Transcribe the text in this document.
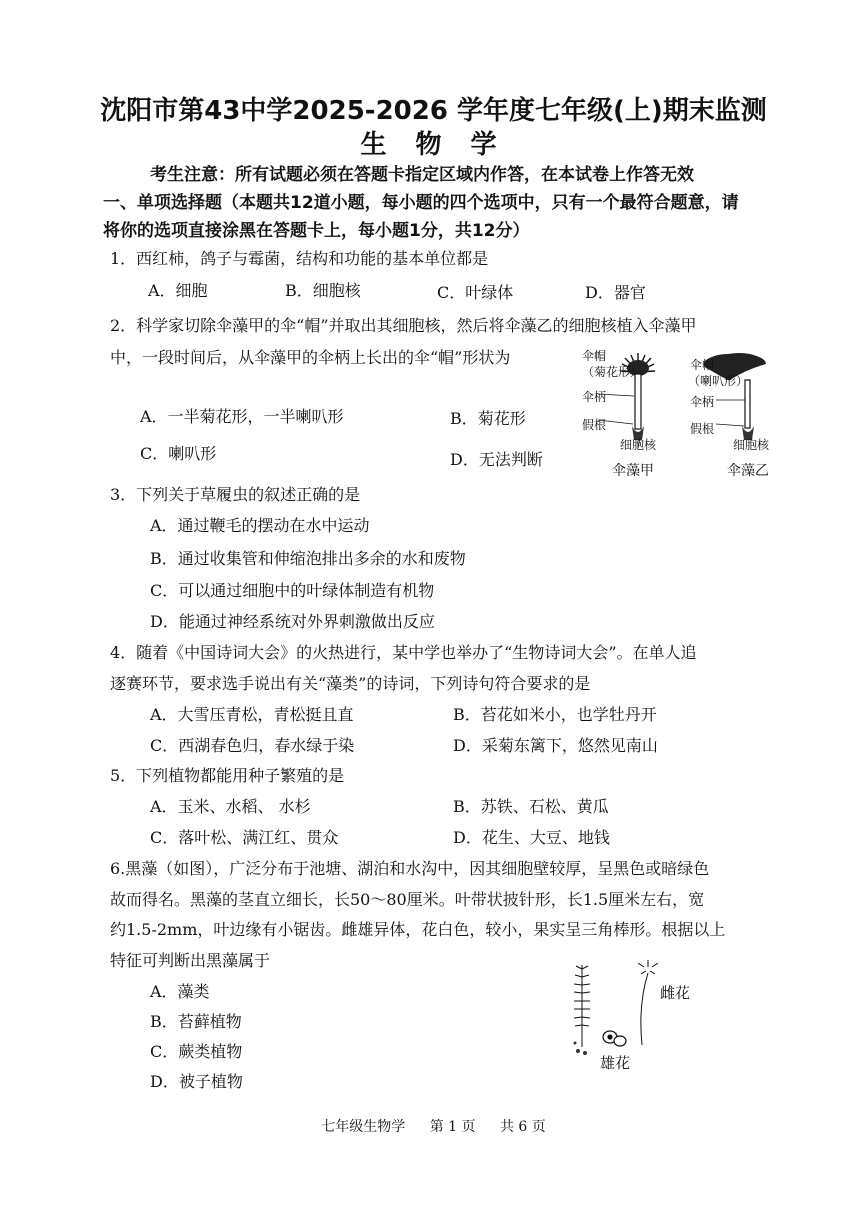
沈阳市第43中学2025-2026 学年度七年级(上)期末监测
生 物 学
考生注意：所有试题必须在答题卡指定区域内作答，在本试卷上作答无效
一、单项选择题（本题共12道小题，每小题的四个选项中，只有一个最符合题意，请
将你的选项直接涂黑在答题卡上，每小题1分，共12分）
1．西红柿，鸽子与霉菌，结构和功能的基本单位都是
A．细胞	B．细胞核	C．叶绿体	D．器官
2．科学家切除伞藻甲的伞“帽”并取出其细胞核，然后将伞藻乙的细胞核植入伞藻甲
中，一段时间后，从伞藻甲的伞柄上长出的伞“帽”形状为
A．一半菊花形，一半喇叭形	B．菊花形
C．喇叭形	D．无法判断
伞帽
（菊花形）
伞柄
假根
细胞核
伞藻甲
伞帽
（喇叭形）
伞柄
假根
细胞核
伞藻乙
3．下列关于草履虫的叙述正确的是
A．通过鞭毛的摆动在水中运动
B．通过收集管和伸缩泡排出多余的水和废物
C．可以通过细胞中的叶绿体制造有机物
D．能通过神经系统对外界刺激做出反应
4．随着《中国诗词大会》的火热进行，某中学也举办了“生物诗词大会”。在单人追
逐赛环节，要求选手说出有关“藻类”的诗词，下列诗句符合要求的是
A．大雪压青松，青松挺且直	B．苔花如米小，也学牡丹开
C．西湖春色归，春水绿于染	D．采菊东篱下，悠然见南山
5．下列植物都能用种子繁殖的是
A．玉米、水稻、 水杉	B．苏铁、石松、黄瓜
C．落叶松、满江红、贯众	D．花生、大豆、地钱
6.黑藻（如图），广泛分布于池塘、湖泊和水沟中，因其细胞壁较厚，呈黑色或暗绿色
故而得名。黑藻的茎直立细长，长50～80厘米。叶带状披针形，长1.5厘米左右，宽
约1.5-2mm，叶边缘有小锯齿。雌雄异体，花白色，较小，果实呈三角棒形。根据以上
特征可判断出黑藻属于
A．藻类
B．苔藓植物
C．蕨类植物
D．被子植物
雌花
雄花
七年级生物学 第 1 页 共 6 页
